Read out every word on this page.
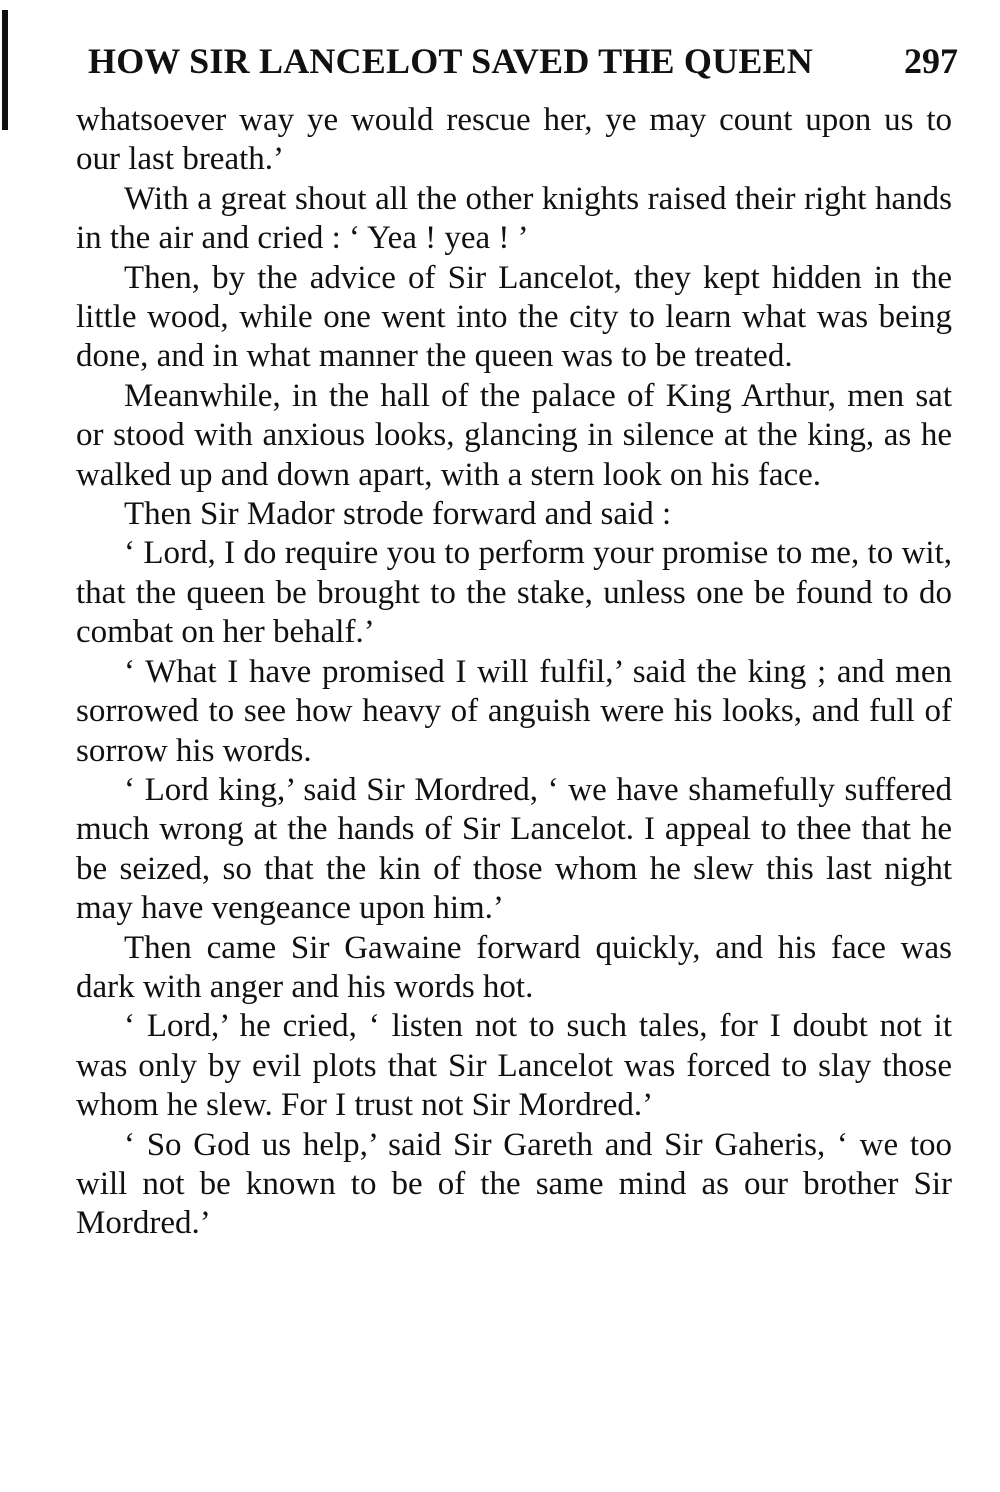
HOW SIR LANCELOT SAVED THE QUEEN	297

whatsoever way ye would rescue her, ye may count upon us to our last breath.’

With a great shout all the other knights raised their right hands in the air and cried : ‘ Yea ! yea ! ’

Then, by the advice of Sir Lancelot, they kept hidden in the little wood, while one went into the city to learn what was being done, and in what manner the queen was to be treated.

Meanwhile, in the hall of the palace of King Arthur, men sat or stood with anxious looks, glancing in silence at the king, as he walked up and down apart, with a stern look on his face.

Then Sir Mador strode forward and said :

‘ Lord, I do require you to perform your promise to me, to wit, that the queen be brought to the stake, unless one be found to do combat on her behalf.’

‘ What I have promised I will fulfil,’ said the king ; and men sorrowed to see how heavy of anguish were his looks, and full of sorrow his words.

‘ Lord king,’ said Sir Mordred, ‘ we have shamefully suffered much wrong at the hands of Sir Lancelot. I appeal to thee that he be seized, so that the kin of those whom he slew this last night may have vengeance upon him.’

Then came Sir Gawaine forward quickly, and his face was dark with anger and his words hot.

‘ Lord,’ he cried, ‘ listen not to such tales, for I doubt not it was only by evil plots that Sir Lancelot was forced to slay those whom he slew. For I trust not Sir Mordred.’

‘ So God us help,’ said Sir Gareth and Sir Gaheris, ‘ we too will not be known to be of the same mind as our brother Sir Mordred.’
